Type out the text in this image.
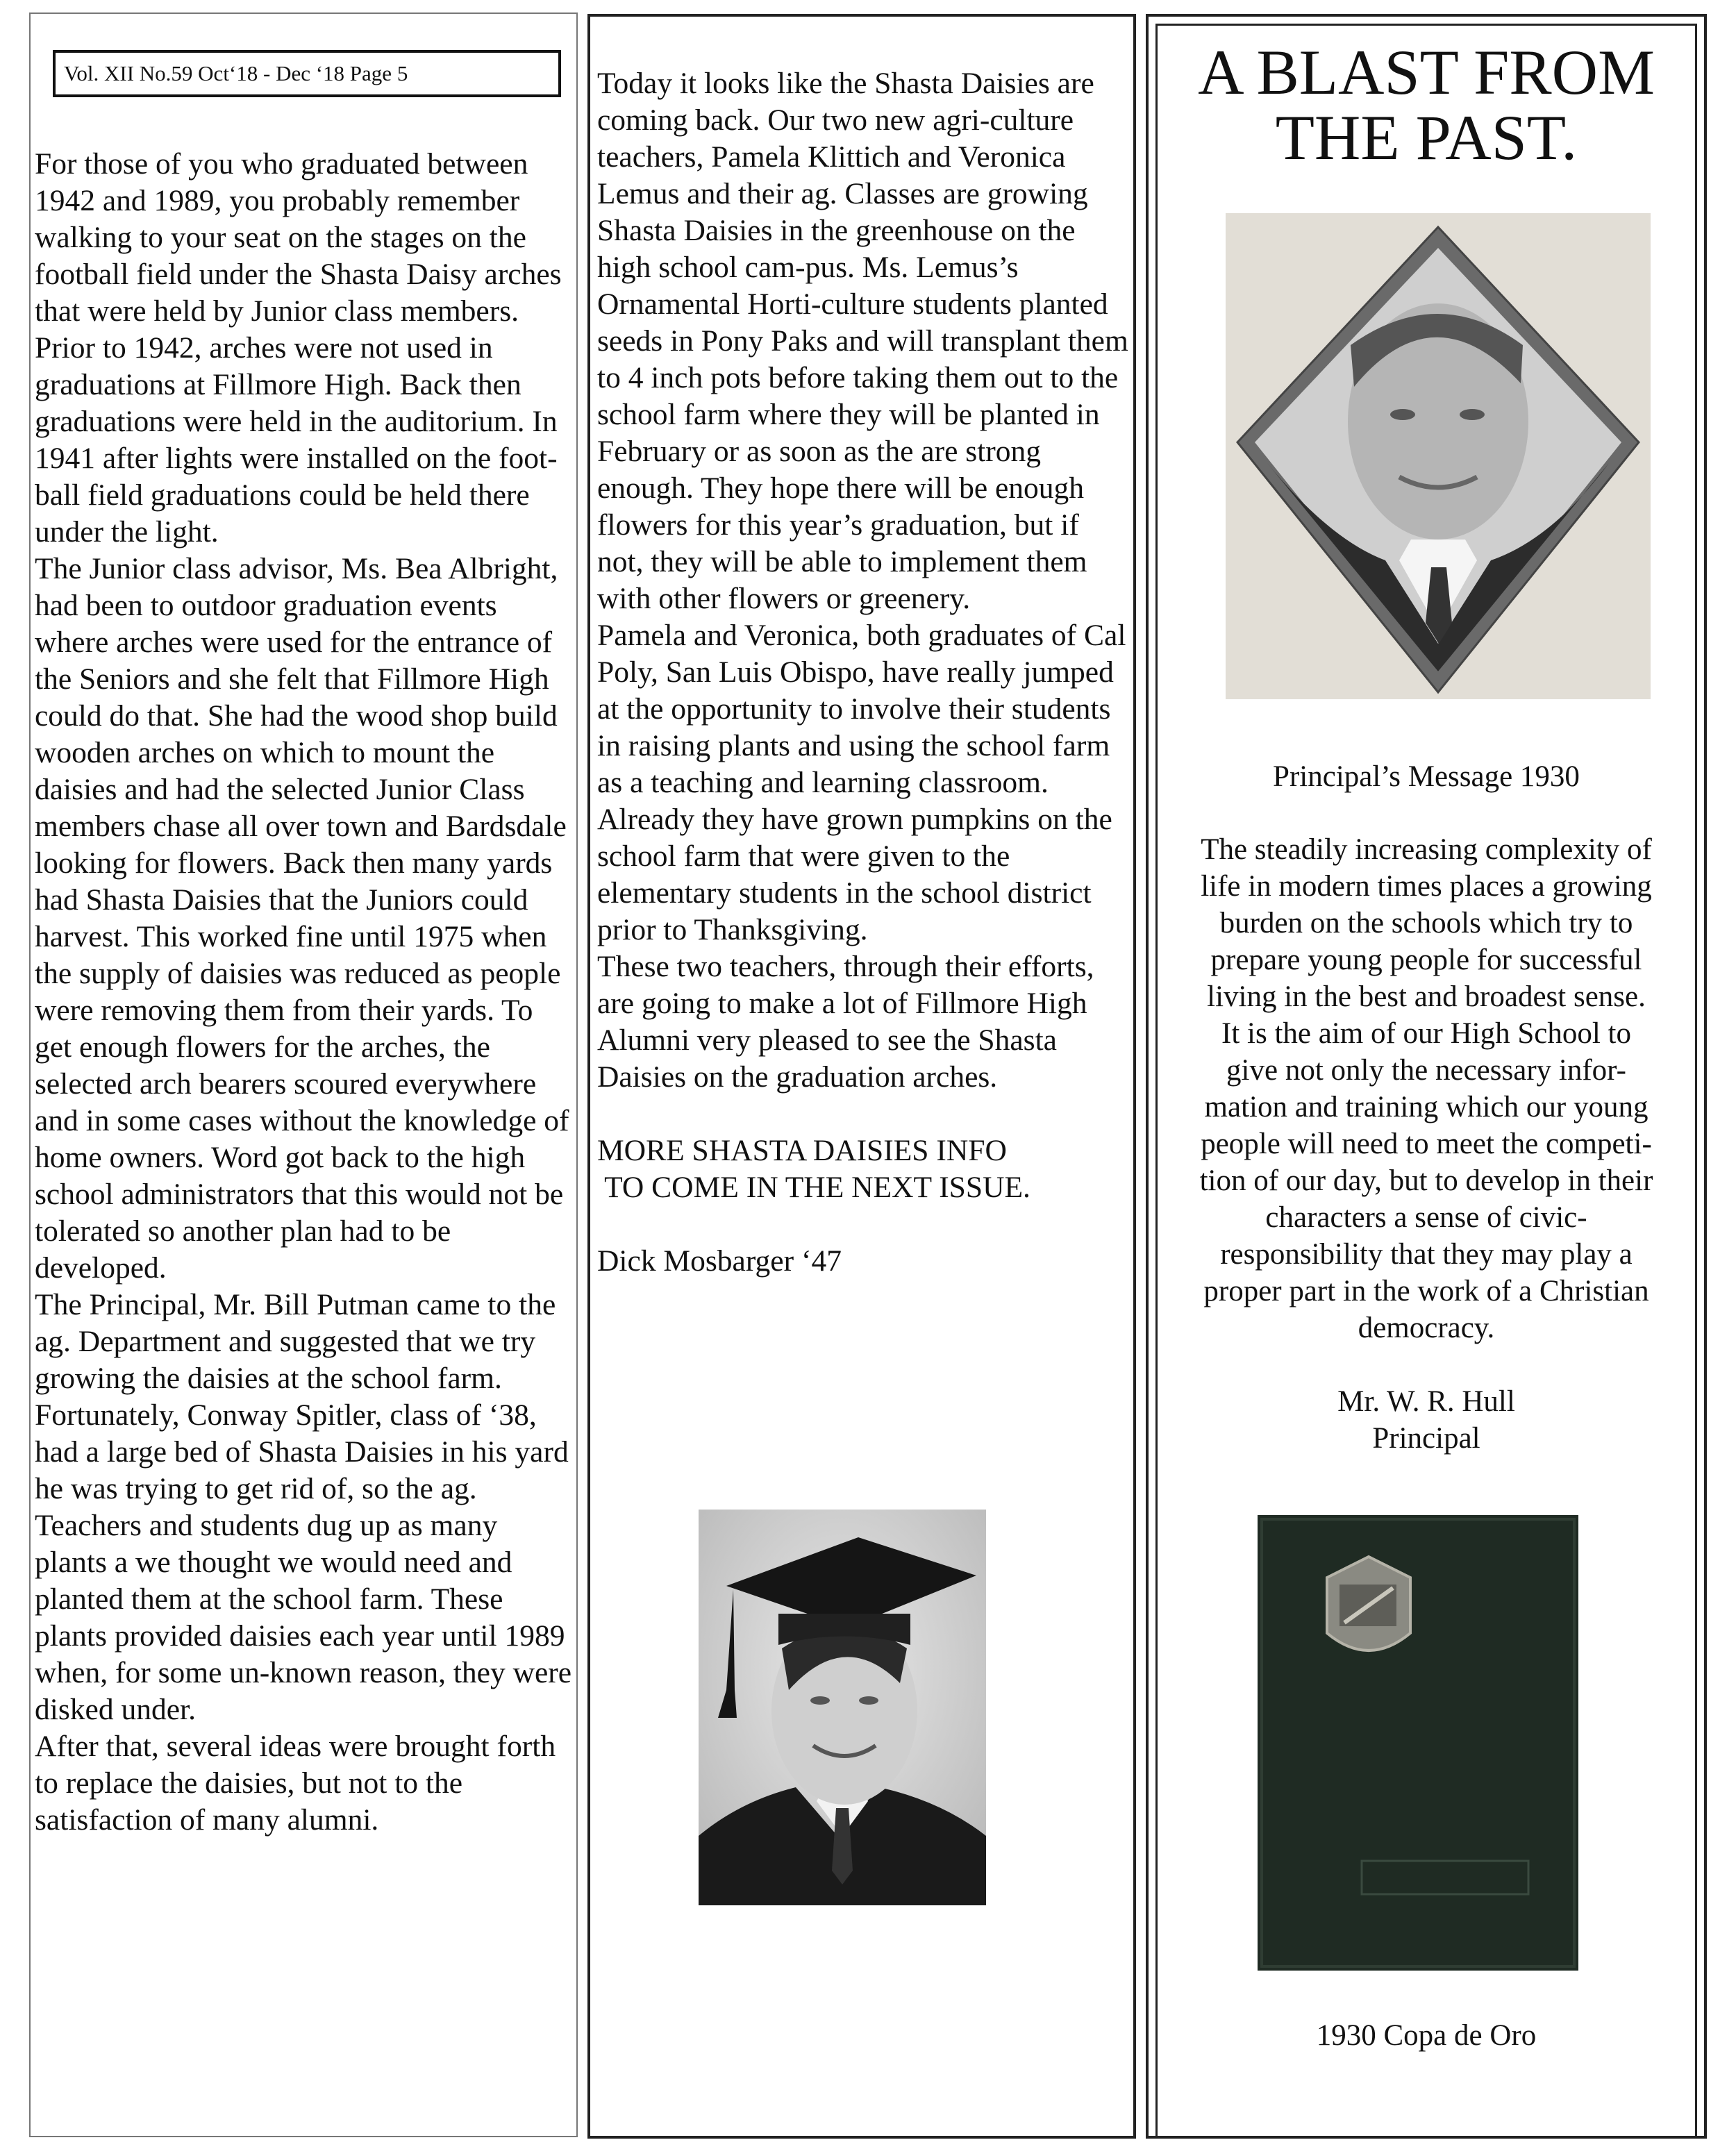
Vol. XII No.59 Oct‘18 - Dec ‘18 Page 5

For those of you who graduated between 1942 and 1989, you probably remember walking to your seat on the stages on the football field under the Shasta Daisy arches that were held by Junior class members. Prior to 1942, arches were not used in graduations at Fillmore High. Back then graduations were held in the auditorium. In 1941 after lights were installed on the foot-ball field graduations could be held there under the light.

The Junior class advisor, Ms. Bea Albright, had been to outdoor graduation events where arches were used for the entrance of the Seniors and she felt that Fillmore High could do that. She had the wood shop build wooden arches on which to mount the daisies and had the selected Junior Class members chase all over town and Bardsdale looking for flowers. Back then many yards had Shasta Daisies that the Juniors could harvest. This worked fine until 1975 when the supply of daisies was reduced as people were removing them from their yards. To get enough flowers for the arches, the selected arch bearers scoured everywhere and in some cases without the knowledge of home owners. Word got back to the high school administrators that this would not be tolerated so another plan had to be developed.

The Principal, Mr. Bill Putman came to the ag. Department and suggested that we try growing the daisies at the school farm. Fortunately, Conway Spitler, class of ‘38, had a large bed of Shasta Daisies in his yard he was trying to get rid of, so the ag. Teachers and students dug up as many plants a we thought we would need and planted them at the school farm. These plants provided daisies each year until 1989 when, for some un-known reason, they were disked under.

After that, several ideas were brought forth to replace the daisies, but not to the satisfaction of many alumni.

Today it looks like the Shasta Daisies are coming back. Our two new agri-culture teachers, Pamela Klittich and Veronica Lemus and their ag. Classes are growing Shasta Daisies in the greenhouse on the high school cam-pus. Ms. Lemus’s Ornamental Horti-culture students planted seeds in Pony Paks and will transplant them to 4 inch pots before taking them out to the school farm where they will be planted in February or as soon as the are strong enough. They hope there will be enough flowers for this year’s graduation, but if not, they will be able to implement them with other flowers or greenery.

Pamela and Veronica, both graduates of Cal Poly, San Luis Obispo, have really jumped at the opportunity to involve their students in raising plants and using the school farm as a teaching and learning classroom.

Already they have grown pumpkins on the school farm that were given to the elementary students in the school district prior to Thanksgiving.

These two teachers, through their efforts, are going to make a lot of Fillmore High Alumni very pleased to see the Shasta Daisies on the graduation arches.

MORE SHASTA DAISIES INFO
TO COME IN THE NEXT ISSUE.

Dick Mosbarger ‘47

A BLAST FROM
THE PAST.
Principal’s Message 1930

The steadily increasing complexity of

life in modern times places a growing

burden on the schools which try to

prepare young people for successful

living in the best and broadest sense.

It is the aim of our High School to

give not only the necessary infor-

mation and training which our young

people will need to meet the competi-

tion of our day, but to develop in their

characters a sense of civic-

responsibility that they may play a

proper part in the work of a Christian

democracy.

Mr. W. R. Hull

Principal

1930 Copa de Oro
